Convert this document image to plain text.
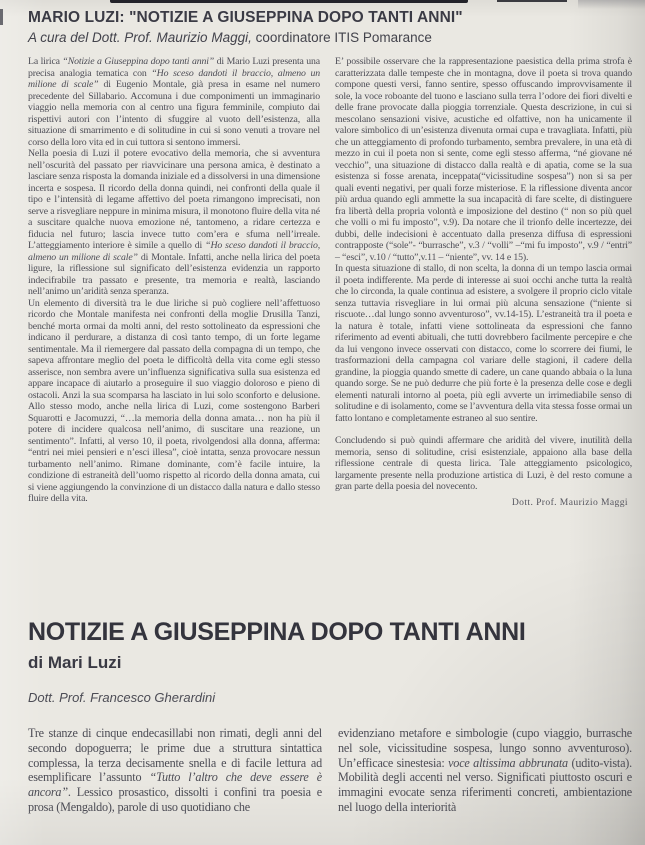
MARIO LUZI: "NOTIZIE A GIUSEPPINA DOPO TANTI ANNI"

A cura del Dott. Prof. Maurizio Maggi, coordinatore ITIS Pomarance

La lirica “Notizie a Giuseppina dopo tanti anni” di Mario Luzi presenta una precisa analogia tematica con “Ho sceso dandoti il braccio, almeno un milione di scale” di Eugenio Montale, già presa in esame nel numero precedente del Sillabario. Accomuna i due componimenti un immaginario viaggio nella memoria con al centro una figura femminile, compiuto dai rispettivi autori con l’intento di sfuggire al vuoto dell’esistenza, alla situazione di smarrimento e di solitudine in cui si sono venuti a trovare nel corso della loro vita ed in cui tuttora si sentono immersi.

Nella poesia di Luzi il potere evocativo della memoria, che si avventura nell’oscurità del passato per riavvicinare una persona amica, è destinato a lasciare senza risposta la domanda iniziale ed a dissolversi in una dimensione incerta e sospesa. Il ricordo della donna quindi, nei confronti della quale il tipo e l’intensità di legame affettivo del poeta rimangono imprecisati, non serve a risvegliare neppure in minima misura, il monotono fluire della vita né a suscitare qualche nuova emozione né, tantomeno, a ridare certezza e fiducia nel futuro; lascia invece tutto com’era e sfuma nell’irreale. L’atteggiamento interiore è simile a quello di “Ho sceso dandoti il braccio, almeno un milione di scale” di Montale. Infatti, anche nella lirica del poeta ligure, la riflessione sul significato dell’esistenza evidenzia un rapporto indecifrabile tra passato e presente, tra memoria e realtà, lasciando nell’animo un’aridità senza speranza.

Un elemento di diversità tra le due liriche si può cogliere nell’affettuoso ricordo che Montale manifesta nei confronti della moglie Drusilla Tanzi, benché morta ormai da molti anni, del resto sottolineato da espressioni che indicano il perdurare, a distanza di così tanto tempo, di un forte legame sentimentale. Ma il riemergere dal passato della compagna di un tempo, che sapeva affrontare meglio del poeta le difficoltà della vita come egli stesso asserisce, non sembra avere un’influenza significativa sulla sua esistenza ed appare incapace di aiutarlo a proseguire il suo viaggio doloroso e pieno di ostacoli. Anzi la sua scomparsa ha lasciato in lui solo sconforto e delusione. Allo stesso modo, anche nella lirica di Luzi, come sostengono Barberi Squarotti e Jacomuzzi, “…la memoria della donna amata… non ha più il potere di incidere qualcosa nell’animo, di suscitare una reazione, un sentimento”. Infatti, al verso 10, il poeta, rivolgendosi alla donna, afferma: “entri nei miei pensieri e n’esci illesa”, cioè intatta, senza provocare nessun turbamento nell’animo. Rimane dominante, com’è facile intuire, la condizione di estraneità dell’uomo rispetto al ricordo della donna amata, cui si viene aggiungendo la convinzione di un distacco dalla natura e dallo stesso fluire della vita.

E’ possibile osservare che la rappresentazione paesistica della prima strofa è caratterizzata dalle tempeste che in montagna, dove il poeta si trova quando compone questi versi, fanno sentire, spesso offuscando improvvisamente il sole, la voce roboante del tuono e lasciano sulla terra l’odore dei fiori divelti e delle frane provocate dalla pioggia torrenziale. Questa descrizione, in cui si mescolano sensazioni visive, acustiche ed olfattive, non ha unicamente il valore simbolico di un’esistenza divenuta ormai cupa e travagliata. Infatti, più che un atteggiamento di profondo turbamento, sembra prevalere, in una età di mezzo in cui il poeta non si sente, come egli stesso afferma, “né giovane né vecchio”, una situazione di distacco dalla realtà e di apatia, come se la sua esistenza si fosse arenata, inceppata(“vicissitudine sospesa”) non si sa per quali eventi negativi, per quali forze misteriose. E la riflessione diventa ancor più ardua quando egli ammette la sua incapacità di fare scelte, di distinguere fra libertà della propria volontà e imposizione del destino (“ non so più quel che volli o mi fu imposto”, v.9). Da notare che il trionfo delle incertezze, dei dubbi, delle indecisioni è accentuato dalla presenza diffusa di espressioni contrapposte (“sole”- “burrasche”, v.3 / “volli” –“mi fu imposto”, v.9 / “entri” – “esci”, v.10 / “tutto”,v.11 – “niente”, vv. 14 e 15).

In questa situazione di stallo, di non scelta, la donna di un tempo lascia ormai il poeta indifferente. Ma perde di interesse ai suoi occhi anche tutta la realtà che lo circonda, la quale continua ad esistere, a svolgere il proprio ciclo vitale senza tuttavia risvegliare in lui ormai più alcuna sensazione (“niente si riscuote…dal lungo sonno avventuroso”, vv.14-15). L’estraneità tra il poeta e la natura è totale, infatti viene sottolineata da espressioni che fanno riferimento ad eventi abituali, che tutti dovrebbero facilmente percepire e che da lui vengono invece osservati con distacco, come lo scorrere dei fiumi, le trasformazioni della campagna col variare delle stagioni, il cadere della grandine, la pioggia quando smette di cadere, un cane quando abbaia o la luna quando sorge. Se ne può dedurre che più forte è la presenza delle cose e degli elementi naturali intorno al poeta, più egli avverte un irrimediabile senso di solitudine e di isolamento, come se l’avventura della vita stessa fosse ormai un fatto lontano e completamente estraneo al suo sentire.

Concludendo si può quindi affermare che aridità del vivere, inutilità della memoria, senso di solitudine, crisi esistenziale, appaiono alla base della riflessione centrale di questa lirica. Tale atteggiamento psicologico, largamente presente nella produzione artistica di Luzi, è del resto comune a gran parte della poesia del novecento.

Dott. Prof. Maurizio Maggi

NOTIZIE A GIUSEPPINA DOPO TANTI ANNI
di Mari Luzi

Dott. Prof. Francesco Gherardini

Tre stanze di cinque endecasillabi non rimati, degli anni del secondo dopoguerra; le prime due a struttura sintattica complessa, la terza decisamente snella e di facile lettura ad esemplificare l’assunto “Tutto l’altro che deve essere è ancora”. Lessico prosastico, dissolti i confini tra poesia e prosa (Mengaldo), parole di uso quotidiano che

evidenziano metafore e simbologie (cupo viaggio, burrasche nel sole, vicissitudine sospesa, lungo sonno avventuroso). Un’efficace sinestesia: voce altissima abbrunata (udito-vista). Mobilità degli accenti nel verso. Significati piuttosto oscuri e immagini evocate senza riferimenti concreti, ambientazione nel luogo della interiorità
